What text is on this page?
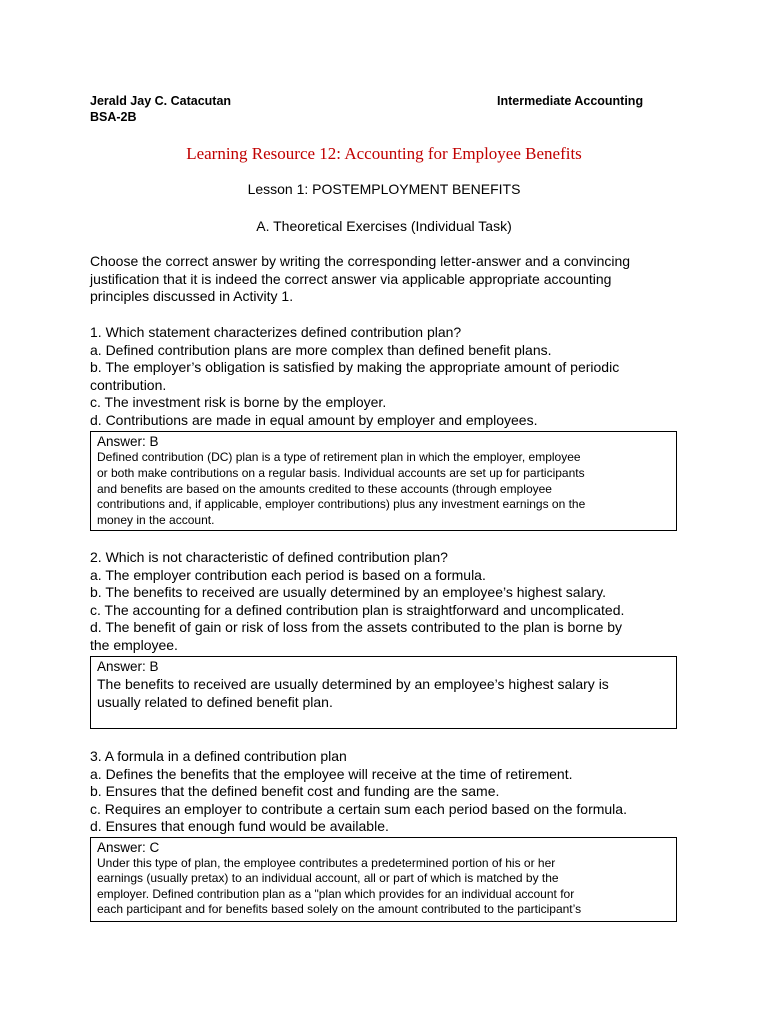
Jerald Jay C. Catacutan
BSA-2B
Intermediate Accounting
Learning Resource 12: Accounting for Employee Benefits
Lesson 1: POSTEMPLOYMENT BENEFITS
A. Theoretical Exercises (Individual Task)
Choose the correct answer by writing the corresponding letter-answer and a convincing
justification that it is indeed the correct answer via applicable appropriate accounting
principles discussed in Activity 1.
1. Which statement characterizes defined contribution plan?
a. Defined contribution plans are more complex than defined benefit plans.
b. The employer’s obligation is satisfied by making the appropriate amount of periodic
contribution.
c. The investment risk is borne by the employer.
d. Contributions are made in equal amount by employer and employees.
Answer: B
Defined contribution (DC) plan is a type of retirement plan in which the employer, employee
or both make contributions on a regular basis. Individual accounts are set up for participants
and benefits are based on the amounts credited to these accounts (through employee
contributions and, if applicable, employer contributions) plus any investment earnings on the
money in the account.
2. Which is not characteristic of defined contribution plan?
a. The employer contribution each period is based on a formula.
b. The benefits to received are usually determined by an employee’s highest salary.
c. The accounting for a defined contribution plan is straightforward and uncomplicated.
d. The benefit of gain or risk of loss from the assets contributed to the plan is borne by
the employee.
Answer: B
The benefits to received are usually determined by an employee’s highest salary is
usually related to defined benefit plan.
3. A formula in a defined contribution plan
a. Defines the benefits that the employee will receive at the time of retirement.
b. Ensures that the defined benefit cost and funding are the same.
c. Requires an employer to contribute a certain sum each period based on the formula.
d. Ensures that enough fund would be available.
Answer: C
Under this type of plan, the employee contributes a predetermined portion of his or her
earnings (usually pretax) to an individual account, all or part of which is matched by the
employer. Defined contribution plan as a "plan which provides for an individual account for
each participant and for benefits based solely on the amount contributed to the participant’s
